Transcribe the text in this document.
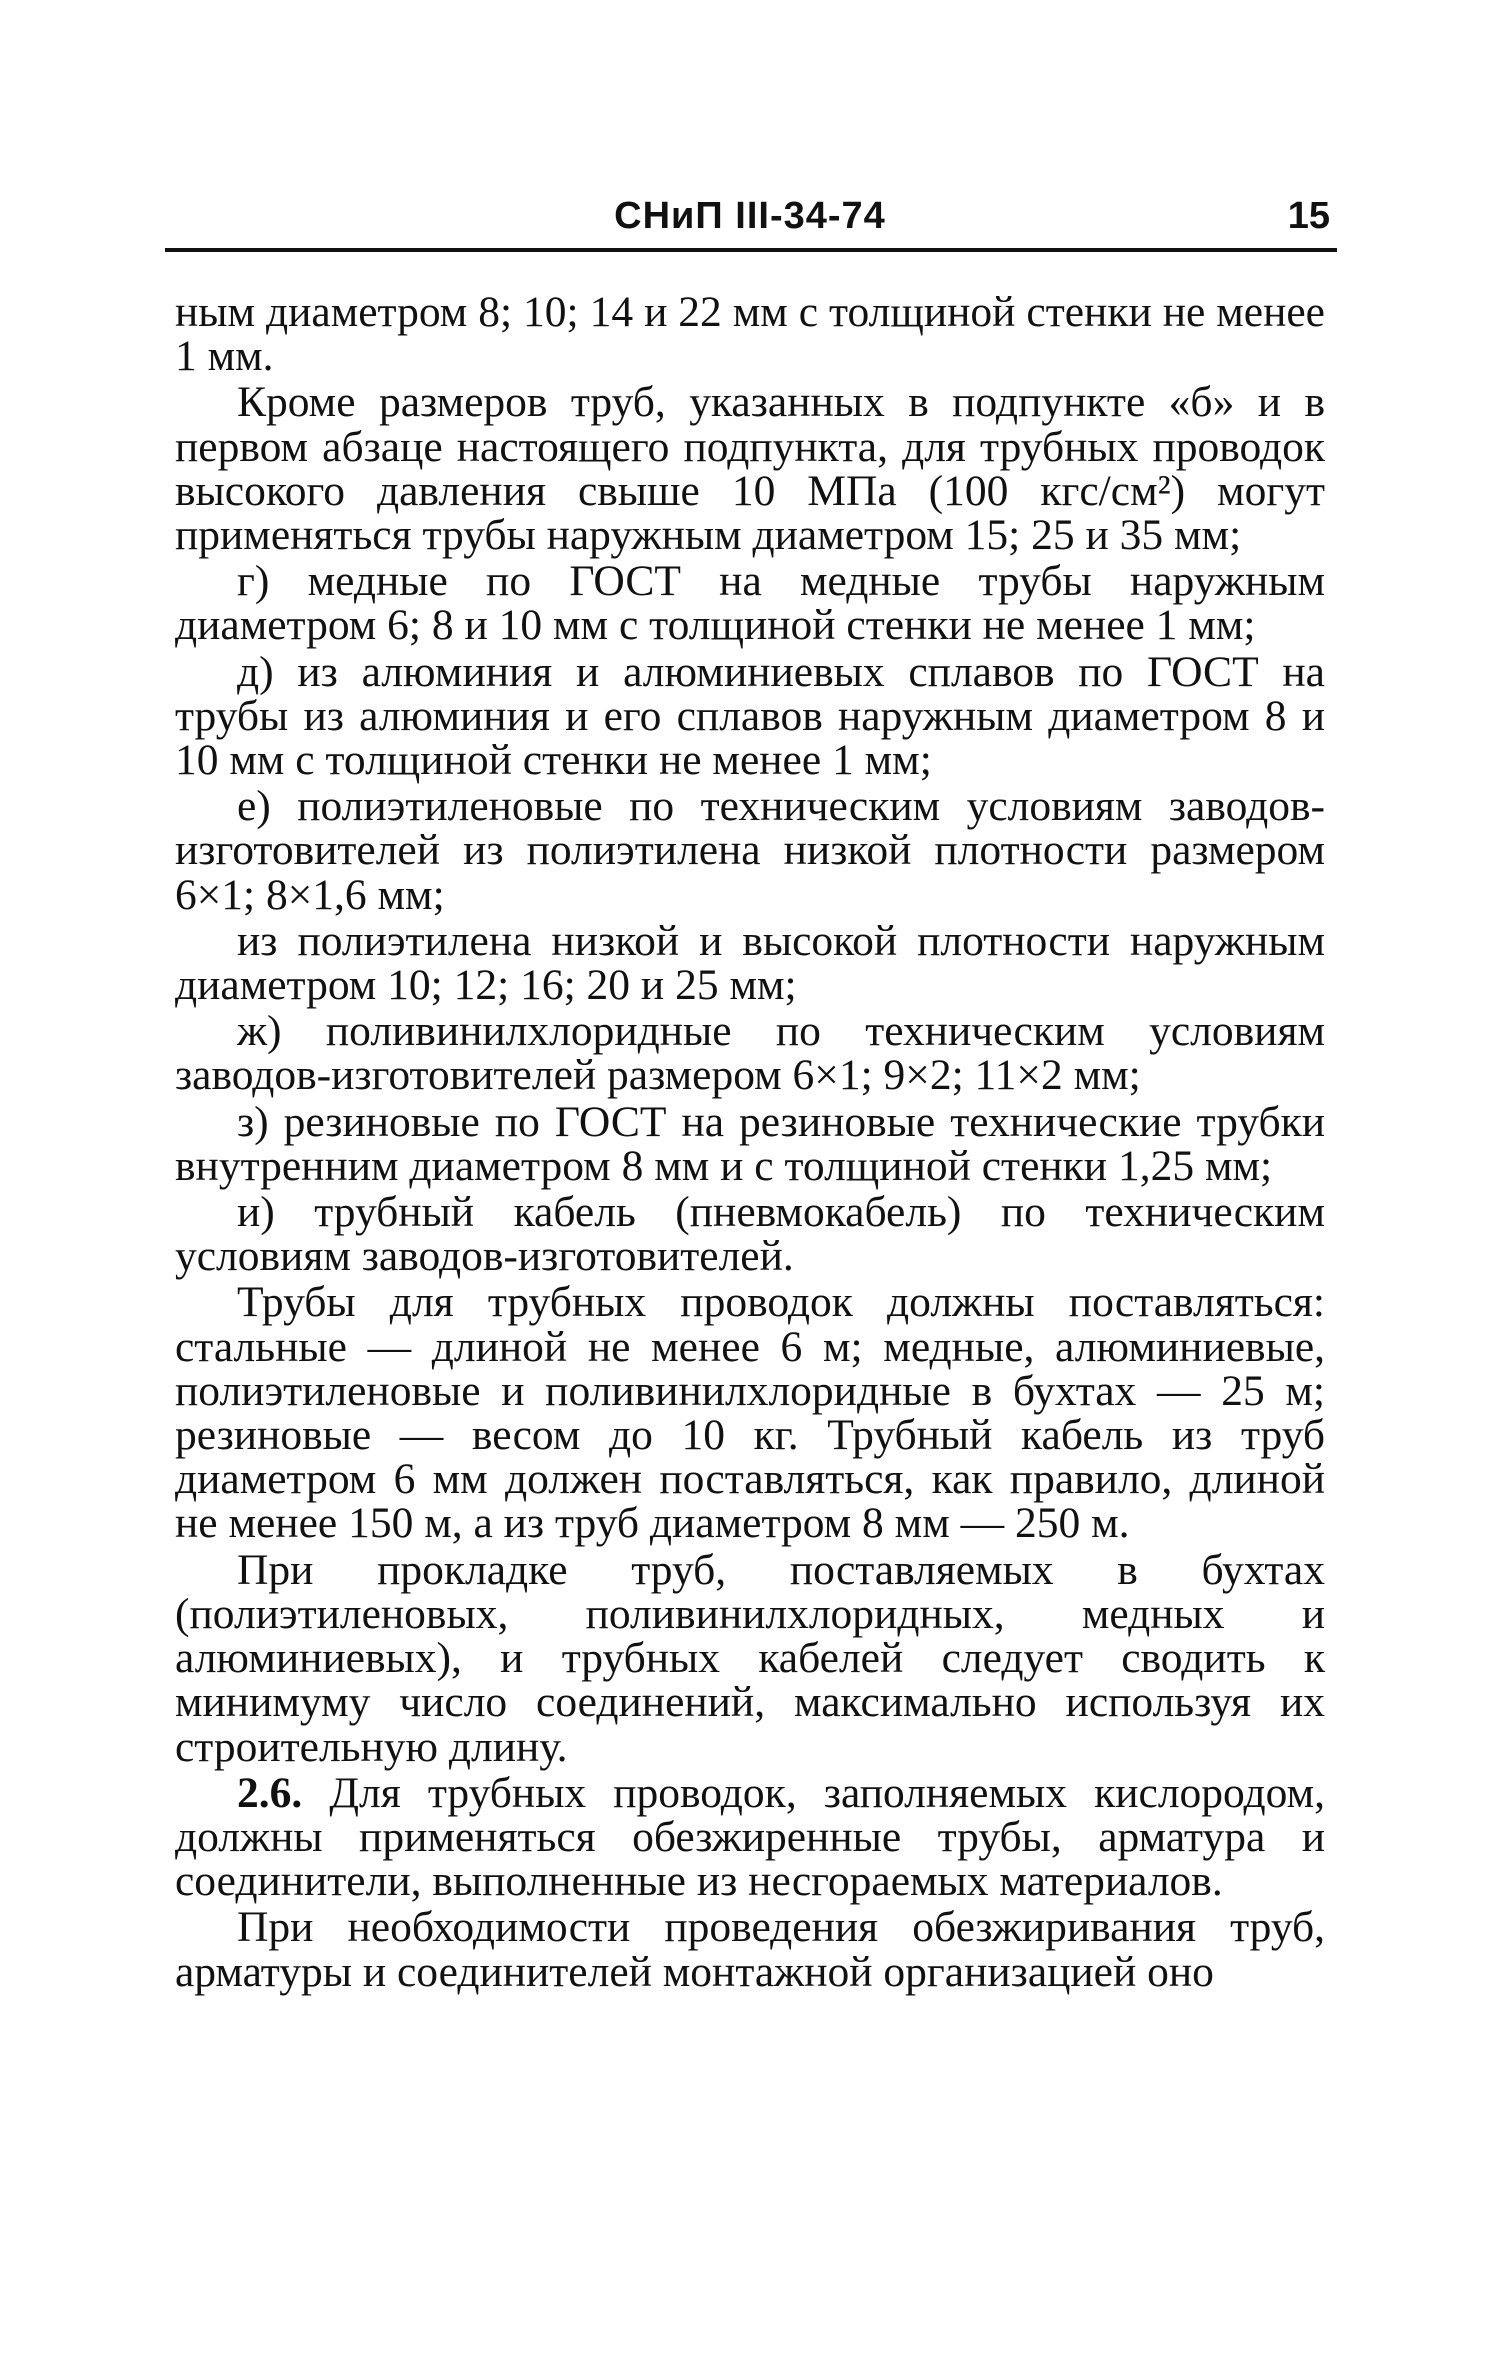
СНиП III-34-74	15

ным диаметром 8; 10; 14 и 22 мм с толщиной стенки не менее 1 мм.

Кроме размеров труб, указанных в подпункте «б» и в первом абзаце настоящего подпункта, для трубных проводок высокого давления свыше 10 МПа (100 кгс/см²) могут применяться трубы наружным диаметром 15; 25 и 35 мм;

г) медные по ГОСТ на медные трубы наружным диаметром 6; 8 и 10 мм с толщиной стенки не менее 1 мм;

д) из алюминия и алюминиевых сплавов по ГОСТ на трубы из алюминия и его сплавов наружным диаметром 8 и 10 мм с толщиной стенки не менее 1 мм;

е) полиэтиленовые по техническим условиям заводов-изготовителей из полиэтилена низкой плотности размером 6×1; 8×1,6 мм;

из полиэтилена низкой и высокой плотности наружным диаметром 10; 12; 16; 20 и 25 мм;

ж) поливинилхлоридные по техническим условиям заводов-изготовителей размером 6×1; 9×2; 11×2 мм;

з) резиновые по ГОСТ на резиновые технические трубки внутренним диаметром 8 мм и с толщиной стенки 1,25 мм;

и) трубный кабель (пневмокабель) по техническим условиям заводов-изготовителей.

Трубы для трубных проводок должны поставляться: стальные — длиной не менее 6 м; медные, алюминиевые, полиэтиленовые и поливинилхлоридные в бухтах — 25 м; резиновые — весом до 10 кг. Трубный кабель из труб диаметром 6 мм должен поставляться, как правило, длиной не менее 150 м, а из труб диаметром 8 мм — 250 м.

При прокладке труб, поставляемых в бухтах (полиэтиленовых, поливинилхлоридных, медных и алюминиевых), и трубных кабелей следует сводить к минимуму число соединений, максимально используя их строительную длину.

2.6. Для трубных проводок, заполняемых кислородом, должны применяться обезжиренные трубы, арматура и соединители, выполненные из несгораемых материалов.

При необходимости проведения обезжиривания труб, арматуры и соединителей монтажной организацией оно
